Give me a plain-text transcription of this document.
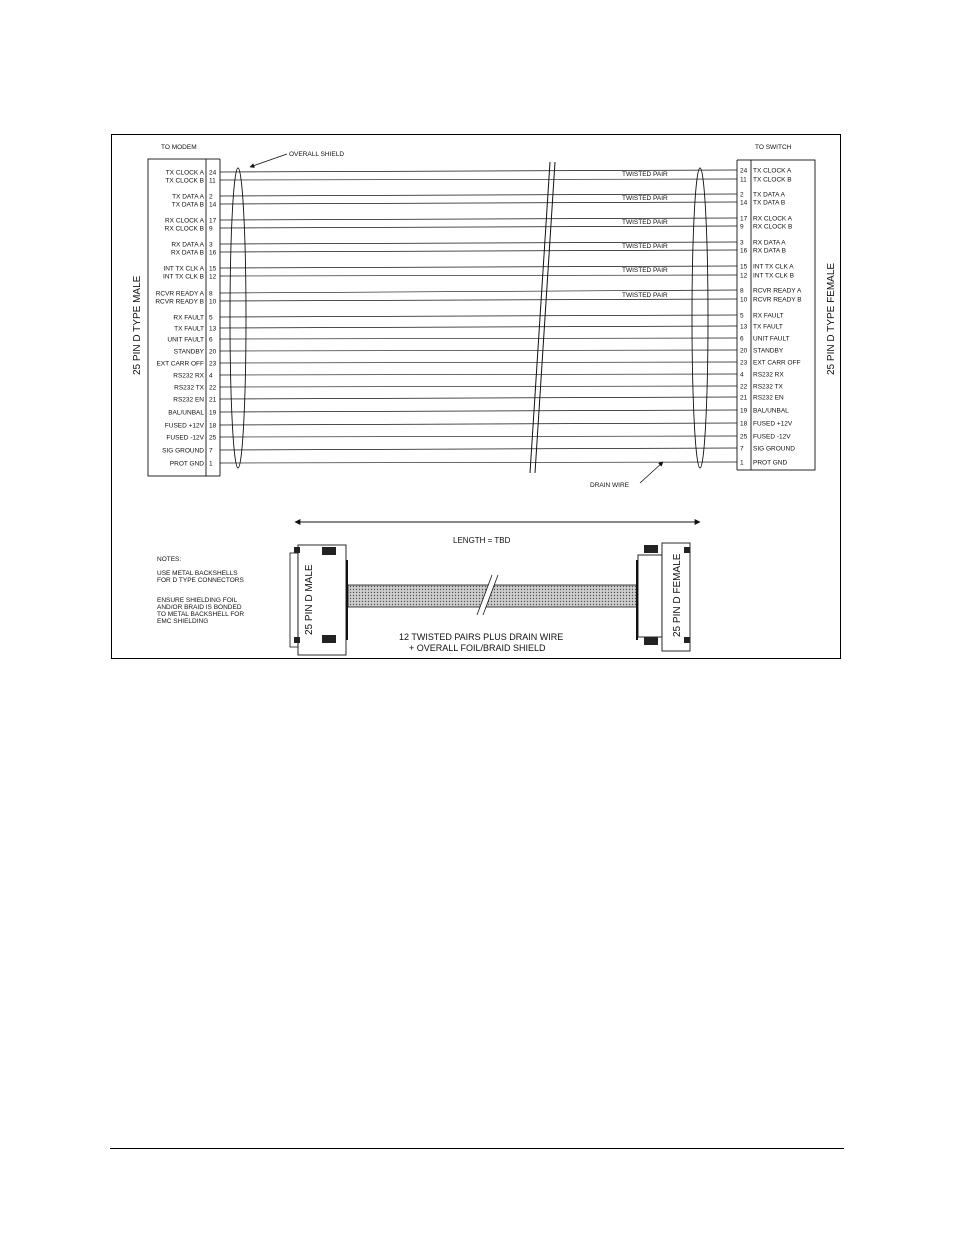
TO MODEM	TO SWITCH
OVERALL SHIELD
25 PIN D TYPE MALE	25 PIN D TYPE FEMALE
DRAIN WIRE
TWISTED PAIR
TWISTED PAIR
TWISTED PAIR
TWISTED PAIR
TWISTED PAIR
TWISTED PAIR
TX CLOCK A 24
TX CLOCK B 11
TX DATA A 2
TX DATA B 14
RX CLOCK A 17
RX CLOCK B 9
RX DATA A 3
RX DATA B 16
INT TX CLK A 15
INT TX CLK B 12
RCVR READY A 8
RCVR READY B 10
RX FAULT 5
TX FAULT 13
UNIT FAULT 6
STANDBY 20
EXT CARR OFF 23
RS232 RX 4
RS232 TX 22
RS232 EN 21
BAL/UNBAL 19
FUSED +12V 18
FUSED -12V 25
SIG GROUND 7
PROT GND 1
24 TX CLOCK A
11 TX CLOCK B
2 TX DATA A
14 TX DATA B
17 RX CLOCK A
9 RX CLOCK B
3 RX DATA A
16 RX DATA B
15 INT TX CLK A
12 INT TX CLK B
8 RCVR READY A
10 RCVR READY B
5 RX FAULT
13 TX FAULT
6 UNIT FAULT
20 STANDBY
23 EXT CARR OFF
4 RS232 RX
22 RS232 TX
21 RS232 EN
19 BAL/UNBAL
18 FUSED +12V
25 FUSED -12V
7 SIG GROUND
1 PROT GND
LENGTH = TBD
NOTES:
USE METAL BACKSHELLS
FOR D TYPE CONNECTORS
ENSURE SHIELDING FOIL
AND/OR BRAID IS BONDED
TO METAL BACKSHELL FOR
EMC SHIELDING	25 PIN D MALE	25 PIN D FEMALE
12 TWISTED PAIRS PLUS DRAIN WIRE
+ OVERALL FOIL/BRAID SHIELD
